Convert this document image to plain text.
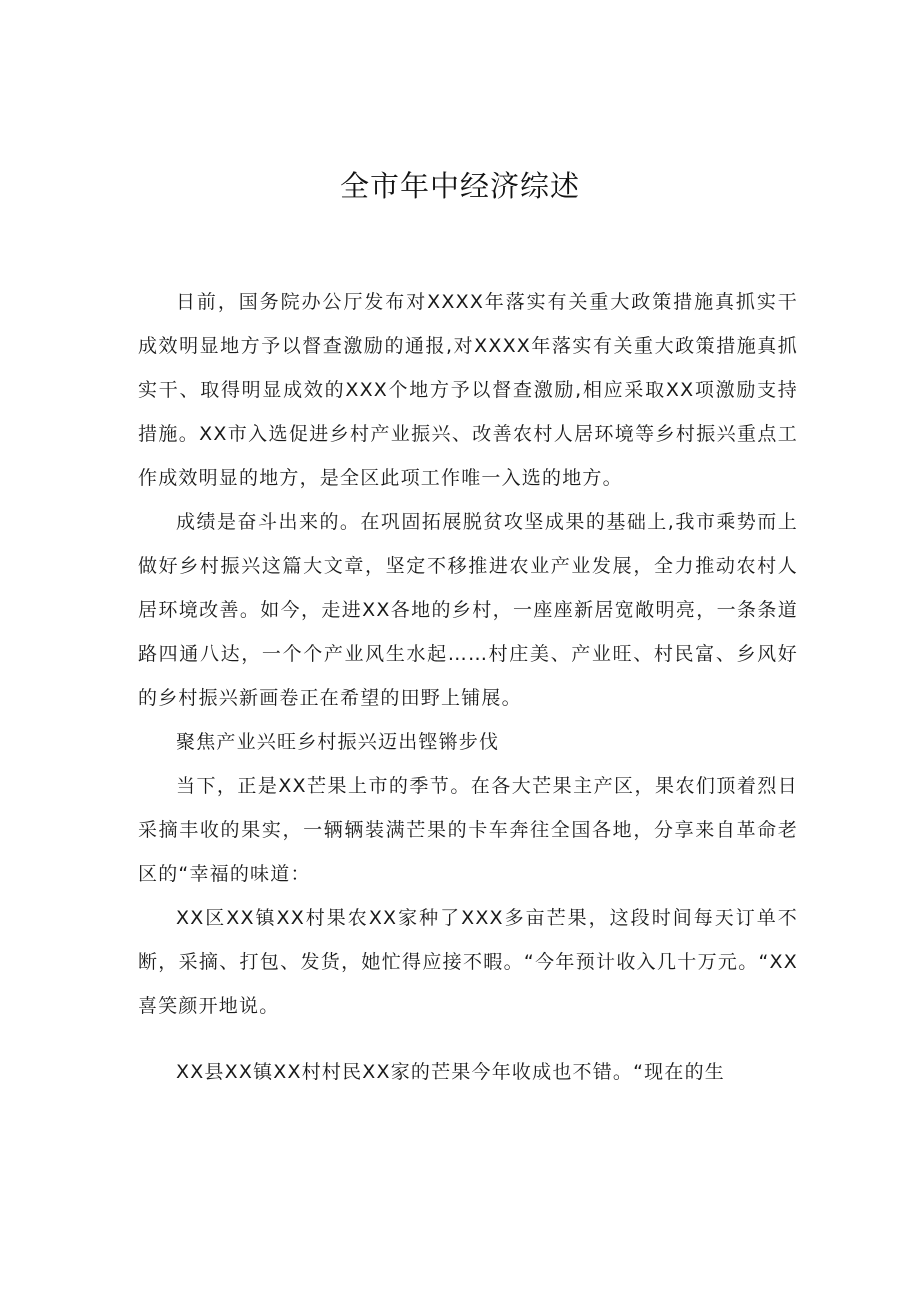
全市年中经济综述

日前，国务院办公厅发布对XXXX年落实有关重大政策措施真抓实干成效明显地方予以督查激励的通报,对XXXX年落实有关重大政策措施真抓实干、取得明显成效的XXX个地方予以督查激励,相应采取XX项激励支持措施。XX市入选促进乡村产业振兴、改善农村人居环境等乡村振兴重点工作成效明显的地方，是全区此项工作唯一入选的地方。

成绩是奋斗出来的。在巩固拓展脱贫攻坚成果的基础上,我市乘势而上做好乡村振兴这篇大文章，坚定不移推进农业产业发展，全力推动农村人居环境改善。如今，走进XX各地的乡村，一座座新居宽敞明亮，一条条道路四通八达，一个个产业风生水起……村庄美、产业旺、村民富、乡风好的乡村振兴新画卷正在希望的田野上铺展。

聚焦产业兴旺乡村振兴迈出铿锵步伐

当下，正是XX芒果上市的季节。在各大芒果主产区，果农们顶着烈日采摘丰收的果实，一辆辆装满芒果的卡车奔往全国各地，分享来自革命老区的“幸福的味道：

XX区XX镇XX村果农XX家种了XXX多亩芒果，这段时间每天订单不断，采摘、打包、发货，她忙得应接不暇。“今年预计收入几十万元。“XX喜笑颜开地说。

XX县XX镇XX村村民XX家的芒果今年收成也不错。“现在的生
